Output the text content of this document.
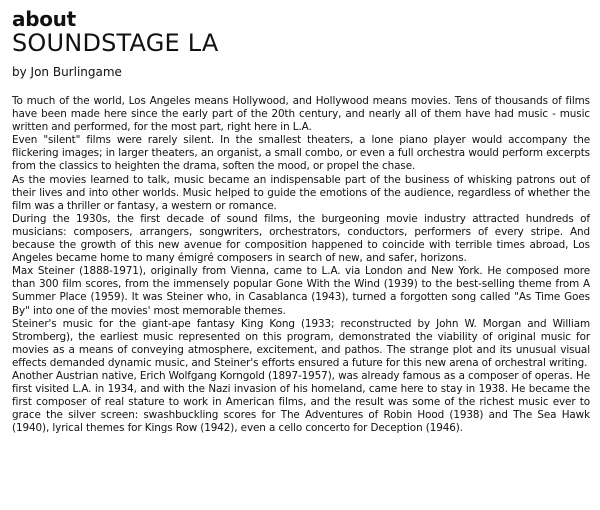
about
SOUNDSTAGE LA
by Jon Burlingame

To much of the world, Los Angeles means Hollywood, and Hollywood means movies. Tens of thousands of films have been made here since the early part of the 20th century, and nearly all of them have had music - music written and performed, for the most part, right here in L.A.

Even "silent" films were rarely silent. In the smallest theaters, a lone piano player would accompany the flickering images; in larger theaters, an organist, a small combo, or even a full orchestra would perform excerpts from the classics to heighten the drama, soften the mood, or propel the chase.

As the movies learned to talk, music became an indispensable part of the business of whisking patrons out of their lives and into other worlds. Music helped to guide the emotions of the audience, regardless of whether the film was a thriller or fantasy, a western or romance.

During the 1930s, the first decade of sound films, the burgeoning movie industry attracted hundreds of musicians: composers, arrangers, songwriters, orchestrators, conductors, performers of every stripe. And because the growth of this new avenue for composition happened to coincide with terrible times abroad, Los Angeles became home to many émigré composers in search of new, and safer, horizons.

Max Steiner (1888-1971), originally from Vienna, came to L.A. via London and New York. He composed more than 300 film scores, from the immensely popular Gone With the Wind (1939) to the best-selling theme from A Summer Place (1959). It was Steiner who, in Casablanca (1943), turned a forgotten song called "As Time Goes By" into one of the movies' most memorable themes.

Steiner's music for the giant-ape fantasy King Kong (1933; reconstructed by John W. Morgan and William Stromberg), the earliest music represented on this program, demonstrated the viability of original music for movies as a means of conveying atmosphere, excitement, and pathos. The strange plot and its unusual visual effects demanded dynamic music, and Steiner's efforts ensured a future for this new arena of orchestral writing.

Another Austrian native, Erich Wolfgang Korngold (1897-1957), was already famous as a composer of operas. He first visited L.A. in 1934, and with the Nazi invasion of his homeland, came here to stay in 1938. He became the first composer of real stature to work in American films, and the result was some of the richest music ever to grace the silver screen: swashbuckling scores for The Adventures of Robin Hood (1938) and The Sea Hawk (1940), lyrical themes for Kings Row (1942), even a cello concerto for Deception (1946).
